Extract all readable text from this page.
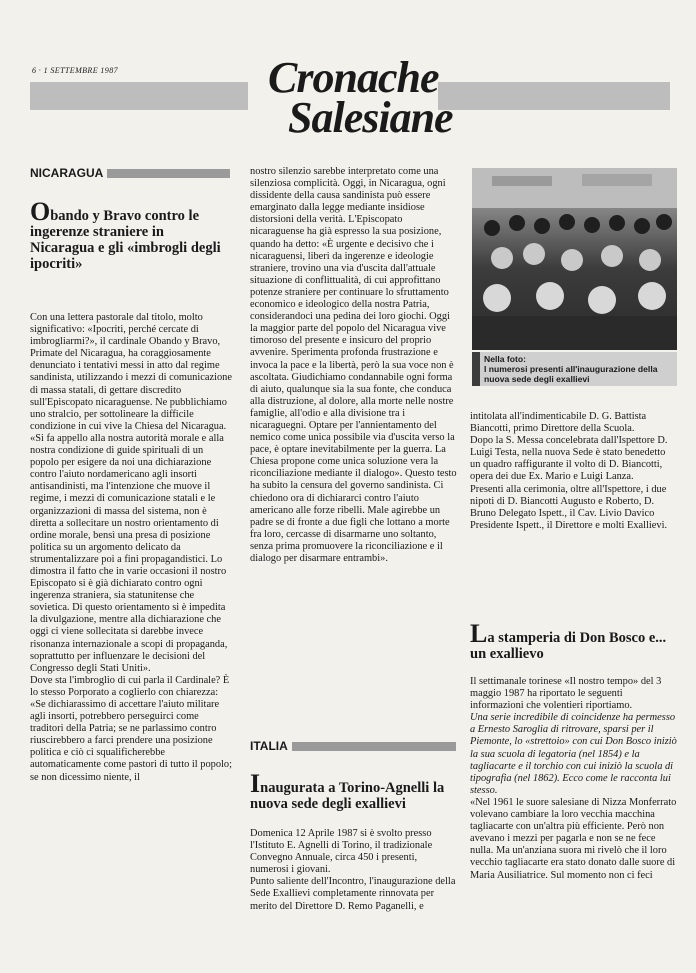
6 · 1 SETTEMBRE 1987	Cronache
Salesiane
NICARAGUA
Obando y Bravo contro le ingerenze straniere in Nicaragua e gli «imbrogli degli ipocriti»

Con una lettera pastorale dal titolo, molto significativo: «Ipocriti, perché cercate di imbrogliarmi?», il cardinale Obando y Bravo, Primate del Nicaragua, ha coraggiosamente denunciato i tentativi messi in atto dal regime sandinista, utilizzando i mezzi di comunicazione di massa statali, di gettare discredito sull'Episcopato nicaraguense. Ne pubblichiamo uno stralcio, per sottolineare la difficile condizione in cui vive la Chiesa del Nicaragua.

«Si fa appello alla nostra autorità morale e alla nostra condizione di guide spirituali di un popolo per esigere da noi una dichiarazione contro l'aiuto nordamericano agli insorti antisandinisti, ma l'intenzione che muove il regime, i mezzi di comunicazione statali e le organizzazioni di massa del sistema, non è diretta a sollecitare un nostro orientamento di ordine morale, bensì una presa di posizione politica su un argomento delicato da strumentalizzare poi a fini propagandistici. Lo dimostra il fatto che in varie occasioni il nostro Episcopato si è già dichiarato contro ogni ingerenza straniera, sia statunitense che sovietica. Di questo orientamento si è impedita la divulgazione, mentre alla dichiarazione che oggi ci viene sollecitata si darebbe invece risonanza internazionale a scopi di propaganda, soprattutto per influenzare le decisioni del Congresso degli Stati Uniti».

Dove sta l'imbroglio di cui parla il Cardinale? È lo stesso Porporato a coglierlo con chiarezza: «Se dichiarassimo di accettare l'aiuto militare agli insorti, potrebbero perseguirci come traditori della Patria; se ne parlassimo contro riuscirebbero a farci prendere una posizione politica e ciò ci squalificherebbe automaticamente come pastori di tutto il popolo; se non dicessimo niente, il

nostro silenzio sarebbe interpretato come una silenziosa complicità. Oggi, in Nicaragua, ogni dissidente della causa sandinista può essere emarginato dalla legge mediante insidiose distorsioni della verità. L'Episcopato nicaraguense ha già espresso la sua posizione, quando ha detto: «È urgente e decisivo che i nicaraguensi, liberi da ingerenze e ideologie straniere, trovino una via d'uscita dall'attuale situazione di conflittualità, di cui approfittano potenze straniere per continuare lo sfruttamento economico e ideologico della nostra Patria, considerandoci una pedina dei loro giochi. Oggi la maggior parte del popolo del Nicaragua vive timoroso del presente e insicuro del proprio avvenire. Sperimenta profonda frustrazione e invoca la pace e la libertà, però la sua voce non è ascoltata. Giudichiamo condannabile ogni forma di aiuto, qualunque sia la sua fonte, che conduca alla distruzione, al dolore, alla morte nelle nostre famiglie, all'odio e alla divisione tra i nicaraguegni. Optare per l'annientamento del nemico come unica possibile via d'uscita verso la pace, è optare inevitabilmente per la guerra. La Chiesa propone come unica soluzione vera la riconciliazione mediante il dialogo». Questo testo ha subito la censura del governo sandinista. Ci chiedono ora di dichiararci contro l'aiuto americano alle forze ribelli. Male agirebbe un padre se di fronte a due figli che lottano a morte fra loro, cercasse di disarmarne uno soltanto, senza prima promuovere la riconciliazione e il dialogo per disarmare entrambi».

ITALIA
Inaugurata a Torino-Agnelli la nuova sede degli exallievi

Domenica 12 Aprile 1987 si è svolto presso l'Istituto E. Agnelli di Torino, il tradizionale Convegno Annuale, circa 450 i presenti, numerosi i giovani.

Punto saliente dell'Incontro, l'inaugurazione della Sede Exallievi completamente rinnovata per merito del Direttore D. Remo Paganelli, e

Nella foto:
I numerosi presenti all'inaugurazione della nuova sede degli exallievi

intitolata all'indimenticabile D. G. Battista Biancotti, primo Direttore della Scuola.

Dopo la S. Messa concelebrata dall'Ispettore D. Luigi Testa, nella nuova Sede è stato benedetto un quadro raffigurante il volto di D. Biancotti, opera dei due Ex. Mario e Luigi Lanza.

Presenti alla cerimonia, oltre all'Ispettore, i due nipoti di D. Biancotti Augusto e Roberto, D. Bruno Delegato Ispett., il Cav. Livio Davico Presidente Ispett., il Direttore e molti Exallievi.

La stamperia di Don Bosco e... un exallievo

Il settimanale torinese «Il nostro tempo» del 3 maggio 1987 ha riportato le seguenti informazioni che volentieri riportiamo.

Una serie incredibile di coincidenze ha permesso a Ernesto Saroglia di ritrovare, sparsi per il Piemonte, lo «strettoio» con cui Don Bosco iniziò la sua scuola di legatoria (nel 1854) e la tagliacarte e il torchio con cui iniziò la scuola di tipografia (nel 1862). Ecco come le racconta lui stesso.

«Nel 1961 le suore salesiane di Nizza Monferrato volevano cambiare la loro vecchia macchina tagliacarte con un'altra più efficiente. Però non avevano i mezzi per pagarla e non se ne fece nulla. Ma un'anziana suora mi rivelò che il loro vecchio tagliacarte era stato donato dalle suore di Maria Ausiliatrice. Sul momento non ci feci
